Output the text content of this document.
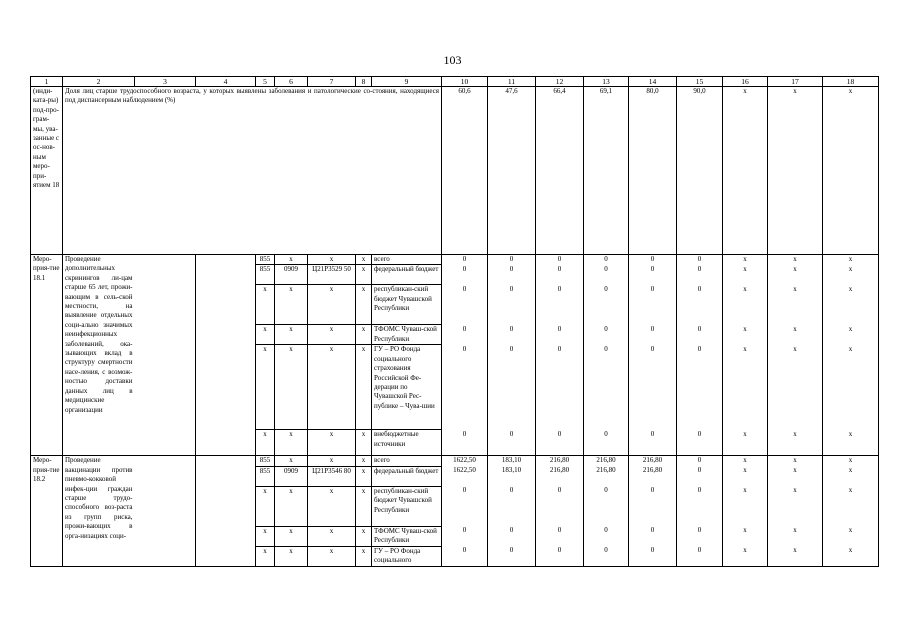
103
1	2	3	4	5	6	7	8	9	10	11	12	13	14	15	16	17	18
(инди-ката-ры) под-про-грам-мы, ува-занные с ос-нов-ным меро-при-ятием 18	Доля лиц старше трудоспособного возраста, у которых выявлены заболевания и патологические со-стояния, находящиеся под диспансерным наблюдением (%)								60,6	47,6	66,4	69,1	80,0	90,0	x	x	x
Меро-прия-тие 18.1	Проведение дополнительных скринингов ли-цам старше 65 лет, прожи-вающим в сель-ской местности, на выявление отдельных соци-ально значимых неинфекционных заболеваний, ока-зывающих вклад в структуру смертности насе-ления, с возмож-ностью доставки данных лиц в медицинские организации			855	x	x	x	всего	0	0	0	0	0	0	x	x	x
				855	0909	Ц21Р3529 50	x	федеральный бюджет	0	0	0	0	0	0	x	x	x
				x	x	x	x	республикан-ский бюджет Чувашской Республики	0	0	0	0	0	0	x	x	x
				x	x	x	x	ТФОМС Чуваш-ской Республики	0	0	0	0	0	0	x	x	x
				x	x	x	x	ГУ – РО Фонда социального страхования Российской Фе-дерации по Чувашской Рес-публике – Чува-шии	0	0	0	0	0	0	x	x	x
				x	x	x	x	внебюджетные источники	0	0	0	0	0	0	x	x	x
Меро-прия-тие 18.2	Проведение вакцинации против пневмо-кокковой инфек-ции граждан старше трудо-способного воз-раста из групп риска, прожи-вающих в орга-низациях соци-			855	x	x	x	всего	1622,50	183,10	216,80	216,80	216,80	0	x	x	x
				855	0909	Ц21Р3546 80	x	федеральный бюджет	1622,50	183,10	216,80	216,80	216,80	0	x	x	x
				x	x	x	x	республикан-ский бюджет Чувашской Республики	0	0	0	0	0	0	x	x	x
				x	x	x	x	ТФОМС Чуваш-ской Республики	0	0	0	0	0	0	x	x	x
				x	x	x	x	ГУ – РО Фонда социального	0	0	0	0	0	0	x	x	x
